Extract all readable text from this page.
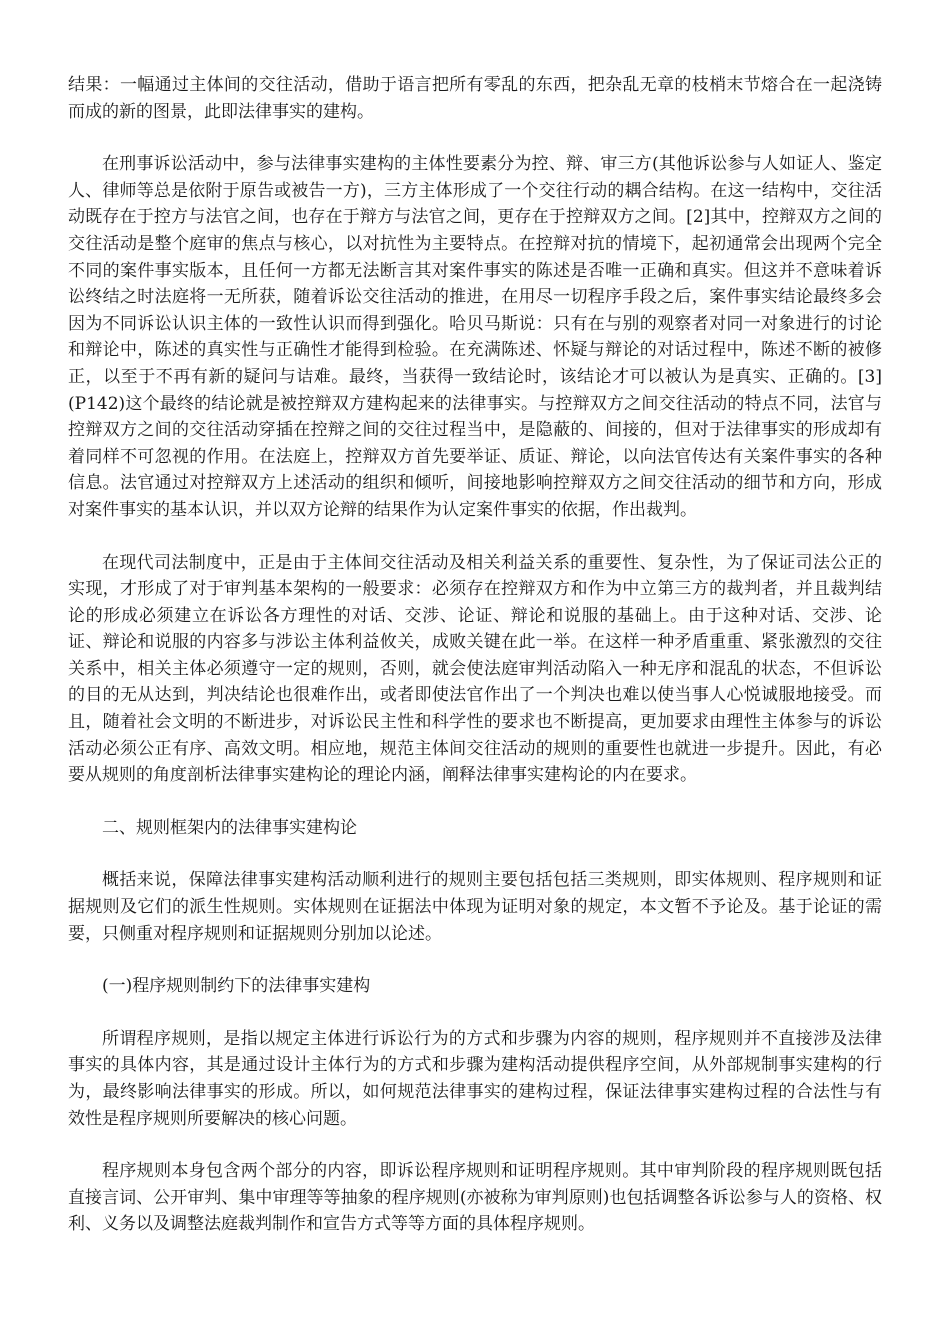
结果：一幅通过主体间的交往活动，借助于语言把所有零乱的东西，把杂乱无章的枝梢末节熔合在一起浇铸而成的新的图景，此即法律事实的建构。

在刑事诉讼活动中，参与法律事实建构的主体性要素分为控、辩、审三方(其他诉讼参与人如证人、鉴定人、律师等总是依附于原告或被告一方)，三方主体形成了一个交往行动的耦合结构。在这一结构中，交往活动既存在于控方与法官之间，也存在于辩方与法官之间，更存在于控辩双方之间。[2]其中，控辩双方之间的交往活动是整个庭审的焦点与核心，以对抗性为主要特点。在控辩对抗的情境下，起初通常会出现两个完全不同的案件事实版本，且任何一方都无法断言其对案件事实的陈述是否唯一正确和真实。但这并不意味着诉讼终结之时法庭将一无所获，随着诉讼交往活动的推进，在用尽一切程序手段之后，案件事实结论最终多会因为不同诉讼认识主体的一致性认识而得到强化。哈贝马斯说：只有在与别的观察者对同一对象进行的讨论和辩论中，陈述的真实性与正确性才能得到检验。在充满陈述、怀疑与辩论的对话过程中，陈述不断的被修正，以至于不再有新的疑问与诘难。最终，当获得一致结论时，该结论才可以被认为是真实、正确的。[3](P142)这个最终的结论就是被控辩双方建构起来的法律事实。与控辩双方之间交往活动的特点不同，法官与控辩双方之间的交往活动穿插在控辩之间的交往过程当中，是隐蔽的、间接的，但对于法律事实的形成却有着同样不可忽视的作用。在法庭上，控辩双方首先要举证、质证、辩论，以向法官传达有关案件事实的各种信息。法官通过对控辩双方上述活动的组织和倾听，间接地影响控辩双方之间交往活动的细节和方向，形成对案件事实的基本认识，并以双方论辩的结果作为认定案件事实的依据，作出裁判。

在现代司法制度中，正是由于主体间交往活动及相关利益关系的重要性、复杂性，为了保证司法公正的实现，才形成了对于审判基本架构的一般要求：必须存在控辩双方和作为中立第三方的裁判者，并且裁判结论的形成必须建立在诉讼各方理性的对话、交涉、论证、辩论和说服的基础上。由于这种对话、交涉、论证、辩论和说服的内容多与涉讼主体利益攸关，成败关键在此一举。在这样一种矛盾重重、紧张激烈的交往关系中，相关主体必须遵守一定的规则，否则，就会使法庭审判活动陷入一种无序和混乱的状态，不但诉讼的目的无从达到，判决结论也很难作出，或者即使法官作出了一个判决也难以使当事人心悦诚服地接受。而且，随着社会文明的不断进步，对诉讼民主性和科学性的要求也不断提高，更加要求由理性主体参与的诉讼活动必须公正有序、高效文明。相应地，规范主体间交往活动的规则的重要性也就进一步提升。因此，有必要从规则的角度剖析法律事实建构论的理论内涵，阐释法律事实建构论的内在要求。

二、规则框架内的法律事实建构论

概括来说，保障法律事实建构活动顺利进行的规则主要包括包括三类规则，即实体规则、程序规则和证据规则及它们的派生性规则。实体规则在证据法中体现为证明对象的规定，本文暂不予论及。基于论证的需要，只侧重对程序规则和证据规则分别加以论述。

(一)程序规则制约下的法律事实建构

所谓程序规则，是指以规定主体进行诉讼行为的方式和步骤为内容的规则，程序规则并不直接涉及法律事实的具体内容，其是通过设计主体行为的方式和步骤为建构活动提供程序空间，从外部规制事实建构的行为，最终影响法律事实的形成。所以，如何规范法律事实的建构过程，保证法律事实建构过程的合法性与有效性是程序规则所要解决的核心问题。

程序规则本身包含两个部分的内容，即诉讼程序规则和证明程序规则。其中审判阶段的程序规则既包括直接言词、公开审判、集中审理等等抽象的程序规则(亦被称为审判原则)也包括调整各诉讼参与人的资格、权利、义务以及调整法庭裁判制作和宣告方式等等方面的具体程序规则。
